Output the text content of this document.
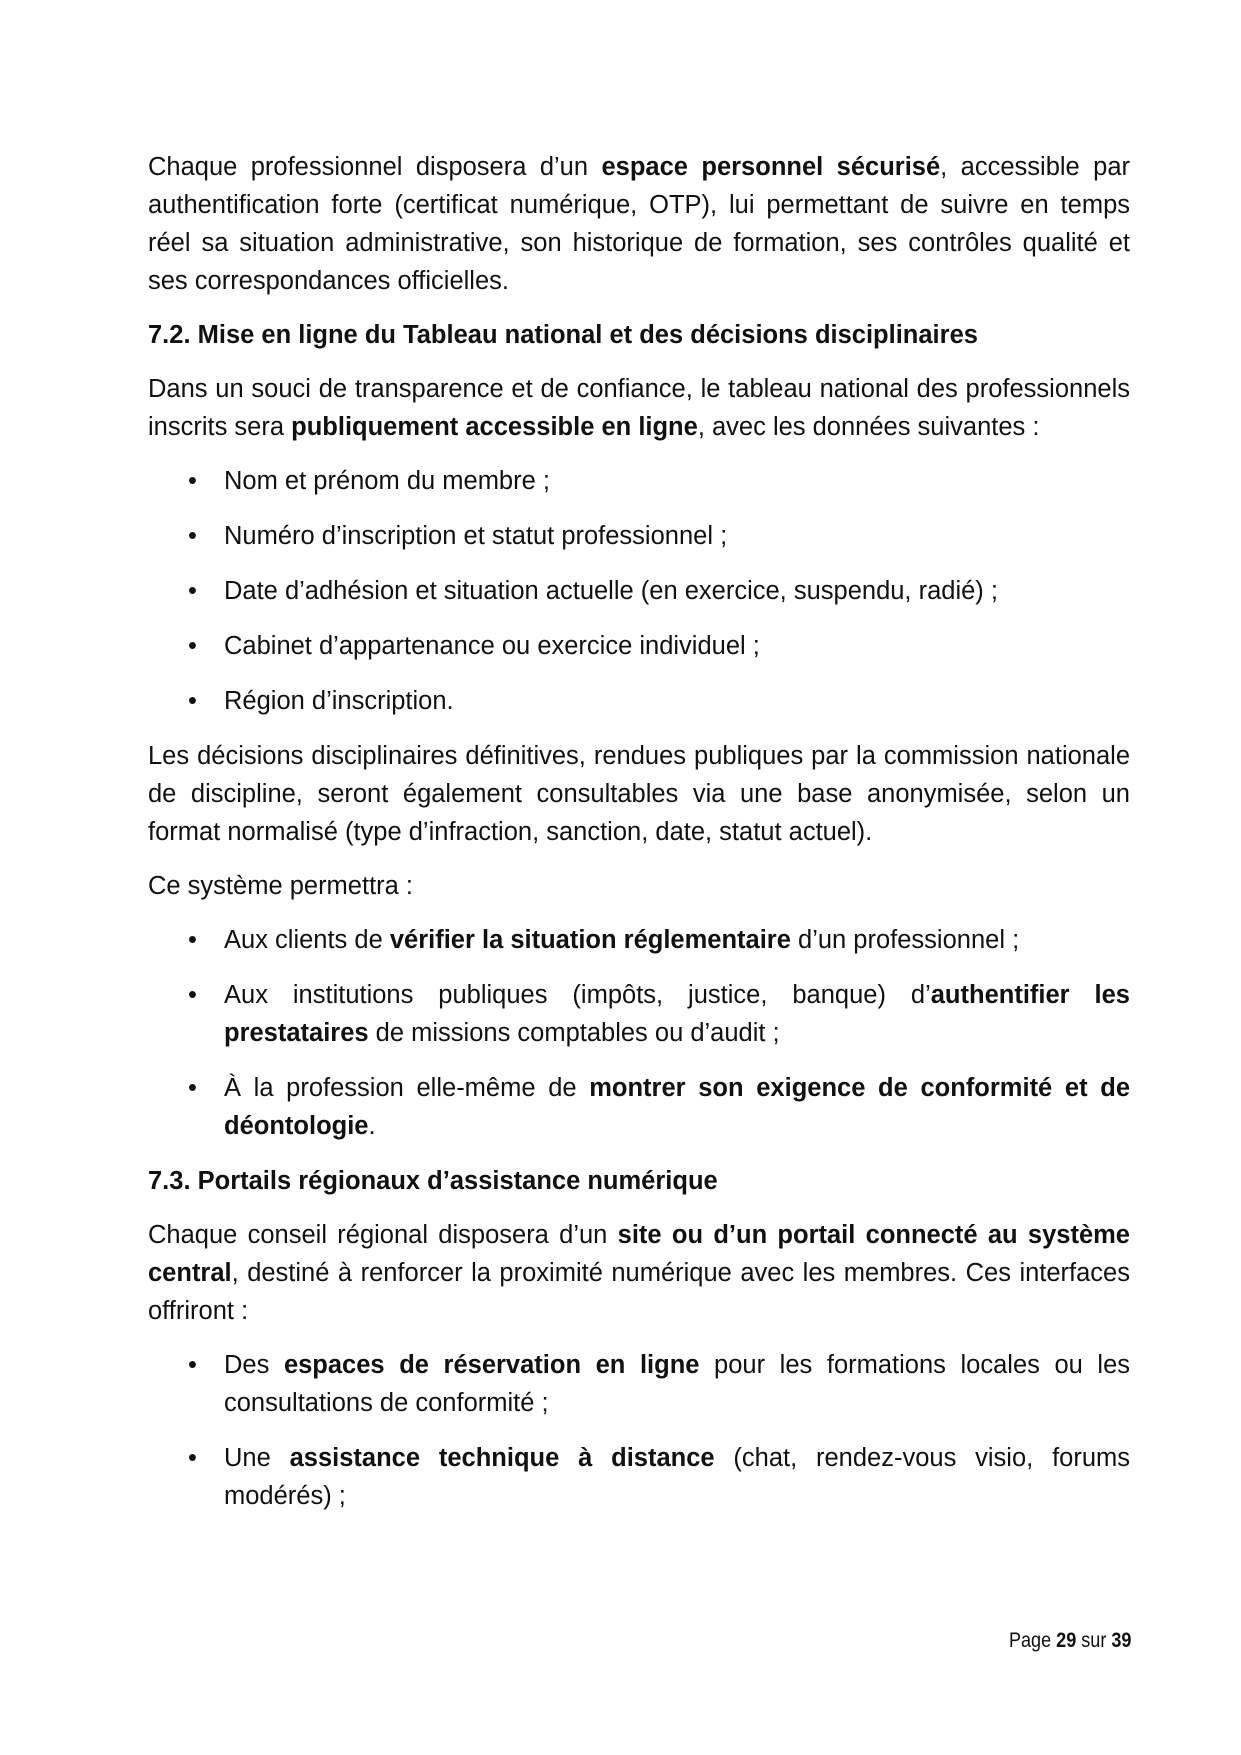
Chaque professionnel disposera d’un espace personnel sécurisé, accessible par authentification forte (certificat numérique, OTP), lui permettant de suivre en temps réel sa situation administrative, son historique de formation, ses contrôles qualité et ses correspondances officielles.

7.2. Mise en ligne du Tableau national et des décisions disciplinaires

Dans un souci de transparence et de confiance, le tableau national des professionnels inscrits sera publiquement accessible en ligne, avec les données suivantes :

• Nom et prénom du membre ;
• Numéro d’inscription et statut professionnel ;
• Date d’adhésion et situation actuelle (en exercice, suspendu, radié) ;
• Cabinet d’appartenance ou exercice individuel ;
• Région d’inscription.

Les décisions disciplinaires définitives, rendues publiques par la commission nationale de discipline, seront également consultables via une base anonymisée, selon un format normalisé (type d’infraction, sanction, date, statut actuel).

Ce système permettra :

• Aux clients de vérifier la situation réglementaire d’un professionnel ;
• Aux institutions publiques (impôts, justice, banque) d’authentifier les prestataires de missions comptables ou d’audit ;
• À la profession elle-même de montrer son exigence de conformité et de déontologie.
7.3. Portails régionaux d’assistance numérique

Chaque conseil régional disposera d’un site ou d’un portail connecté au système central, destiné à renforcer la proximité numérique avec les membres. Ces interfaces offriront :

• Des espaces de réservation en ligne pour les formations locales ou les consultations de conformité ;
• Une assistance technique à distance (chat, rendez-vous visio, forums modérés) ;
Page 29 sur 39
